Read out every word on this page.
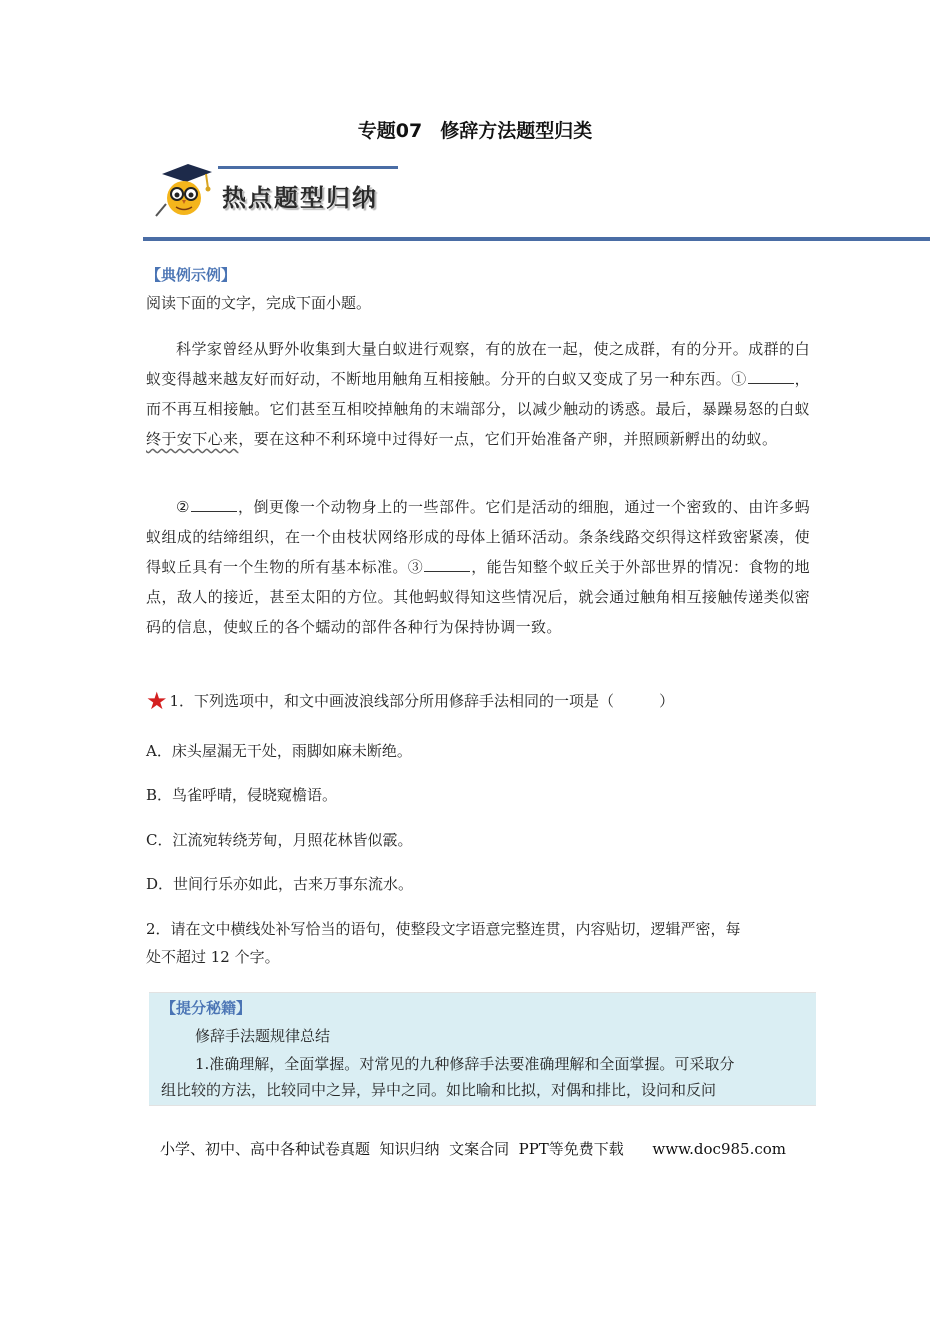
专题07 修辞方法题型归类
热点题型归纳
【典例示例】
阅读下面的文字，完成下面小题。
科学家曾经从野外收集到大量白蚁进行观察，有的放在一起，使之成群，有的分开。成群的白蚁变得越来越友好而好动，不断地用触角互相接触。分开的白蚁又变成了另一种东西。①	，而不再互相接触。它们甚至互相咬掉触角的末端部分，以减少触动的诱惑。最后，暴躁易怒的白蚁终于安下心来，要在这种不利环境中过得好一点，它们开始准备产卵，并照顾新孵出的幼蚁。
②	，倒更像一个动物身上的一些部件。它们是活动的细胞，通过一个密致的、由许多蚂蚁组成的结缔组织，在一个由枝状网络形成的母体上循环活动。条条线路交织得这样致密紧凑，使得蚁丘具有一个生物的所有基本标准。③	，能告知整个蚁丘关于外部世界的情况：食物的地点，敌人的接近，甚至太阳的方位。其他蚂蚁得知这些情况后，就会通过触角相互接触传递类似密码的信息，使蚁丘的各个蠕动的部件各种行为保持协调一致。
★ 1．下列选项中，和文中画波浪线部分所用修辞手法相同的一项是（　　　）
A．床头屋漏无干处，雨脚如麻未断绝。
B．鸟雀呼晴，侵晓窥檐语。
C．江流宛转绕芳甸，月照花林皆似霰。
D．世间行乐亦如此，古来万事东流水。
2．请在文中横线处补写恰当的语句，使整段文字语意完整连贯，内容贴切，逻辑严密，每
处不超过 12 个字。
【提分秘籍】
修辞手法题规律总结
1.准确理解，全面掌握。对常见的九种修辞手法要准确理解和全面掌握。可采取分
组比较的方法，比较同中之异，异中之同。如比喻和比拟，对偶和排比，设问和反问
小学、初中、高中各种试卷真题  知识归纳  文案合同  PPT等免费下载      www.doc985.com
